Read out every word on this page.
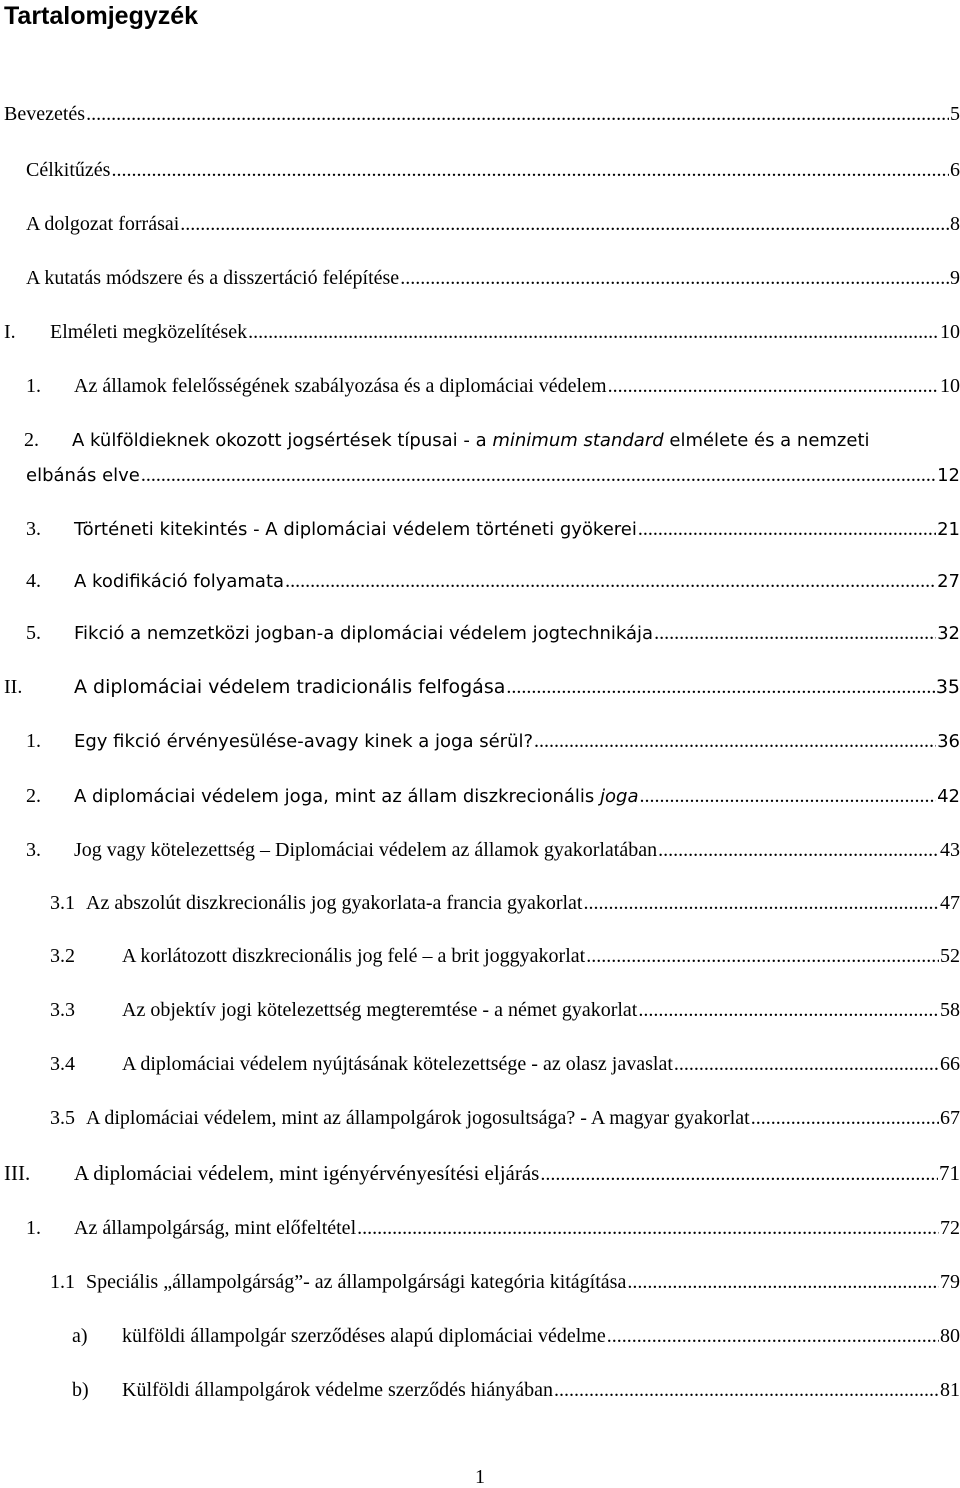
Tartalomjegyzék
Bevezetés .....	5
Célkitűzés .....	6
A dolgozat forrásai .....	8
A kutatás módszere és a disszertáció felépítése .....	9
I.	Elméleti megközelítések .....	10
1.	Az államok felelősségének szabályozása és a diplomáciai védelem .....	10
2. A külföldieknek okozott jogsértések típusai - a minimum standard elmélete és a nemzeti
elbánás elve .....	12
3.	Történeti kitekintés - A diplomáciai védelem történeti gyökerei .....	21
4.	A kodifikáció folyamata .....	27
5.	Fikció a nemzetközi jogban-a diplomáciai védelem jogtechnikája .....	32
II.	A diplomáciai védelem tradicionális felfogása .....	35
1.	Egy fikció érvényesülése-avagy kinek a joga sérül? .....	36
2.	A diplomáciai védelem joga, mint az állam diszkrecionális joga .....	42
3.	Jog vagy kötelezettség – Diplomáciai védelem az államok gyakorlatában .....	43
3.1 Az abszolút diszkrecionális jog gyakorlata-a francia gyakorlat .....	47
3.2	A korlátozott diszkrecionális jog felé – a brit joggyakorlat .....	52
3.3	Az objektív jogi kötelezettség megteremtése - a német gyakorlat .....	58
3.4	A diplomáciai védelem nyújtásának kötelezettsége - az olasz javaslat .....	66
3.5 A diplomáciai védelem, mint az állampolgárok jogosultsága? - A magyar gyakorlat .....	67
III.	A diplomáciai védelem, mint igényérvényesítési eljárás .....	71
1.	Az állampolgárság, mint előfeltétel .....	72
1.1 Speciális „állampolgárság”- az állampolgársági kategória kitágítása .....	79
a)	külföldi állampolgár szerződéses alapú diplomáciai védelme .....	80
b)	Külföldi állampolgárok védelme szerződés hiányában .....	81
1
